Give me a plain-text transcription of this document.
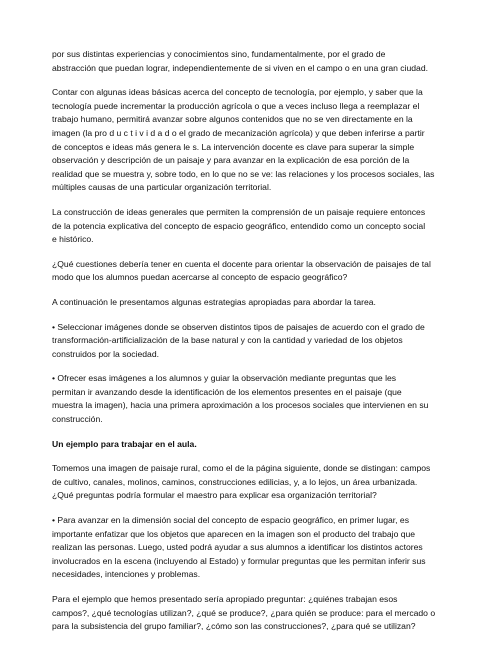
por sus distintas experiencias y conocimientos sino, fundamentalmente, por el grado de
abstracción que puedan lograr, independientemente de si viven en el campo o en una gran ciudad.
Contar con algunas ideas básicas acerca del concepto de tecnología, por ejemplo, y saber que la
tecnología puede incrementar la producción agrícola o que a veces incluso llega a reemplazar el
trabajo humano, permitirá avanzar sobre algunos contenidos que no se ven directamente en la
imagen (la pro d u c t i v i d a d o el grado de mecanización agrícola) y que deben inferirse a partir
de conceptos e ideas más genera le s. La intervención docente es clave para superar la simple
observación y descripción de un paisaje y para avanzar en la explicación de esa porción de la
realidad que se muestra y, sobre todo, en lo que no se ve: las relaciones y los procesos sociales, las
múltiples causas de una particular organización territorial.
La construcción de ideas generales que permiten la comprensión de un paisaje requiere entonces
de la potencia explicativa del concepto de espacio geográfico, entendido como un concepto social
e histórico.
¿Qué cuestiones debería tener en cuenta el docente para orientar la observación de paisajes de tal
modo que los alumnos puedan acercarse al concepto de espacio geográfico?
A continuación le presentamos algunas estrategias apropiadas para abordar la tarea.
• Seleccionar imágenes donde se observen distintos tipos de paisajes de acuerdo con el grado de
transformación-artificialización de la base natural y con la cantidad y variedad de los objetos
construidos por la sociedad.
• Ofrecer esas imágenes a los alumnos y guiar la observación mediante preguntas que les
permitan ir avanzando desde la identificación de los elementos presentes en el paisaje (que
muestra la imagen), hacia una primera aproximación a los procesos sociales que intervienen en su
construcción.
Un ejemplo para trabajar en el aula.
Tomemos una imagen de paisaje rural, como el de la página siguiente, donde se distingan: campos
de cultivo, canales, molinos, caminos, construcciones edilicias, y, a lo lejos, un área urbanizada.
¿Qué preguntas podría formular el maestro para explicar esa organización territorial?
• Para avanzar en la dimensión social del concepto de espacio geográfico, en primer lugar, es
importante enfatizar que los objetos que aparecen en la imagen son el producto del trabajo que
realizan las personas. Luego, usted podrá ayudar a sus alumnos a identificar los distintos actores
involucrados en la escena (incluyendo al Estado) y formular preguntas que les permitan inferir sus
necesidades, intenciones y problemas.
Para el ejemplo que hemos presentado sería apropiado preguntar: ¿quiénes trabajan esos
campos?, ¿qué tecnologías utilizan?, ¿qué se produce?, ¿para quién se produce: para el mercado o
para la subsistencia del grupo familiar?, ¿cómo son las construcciones?, ¿para qué se utilizan?
